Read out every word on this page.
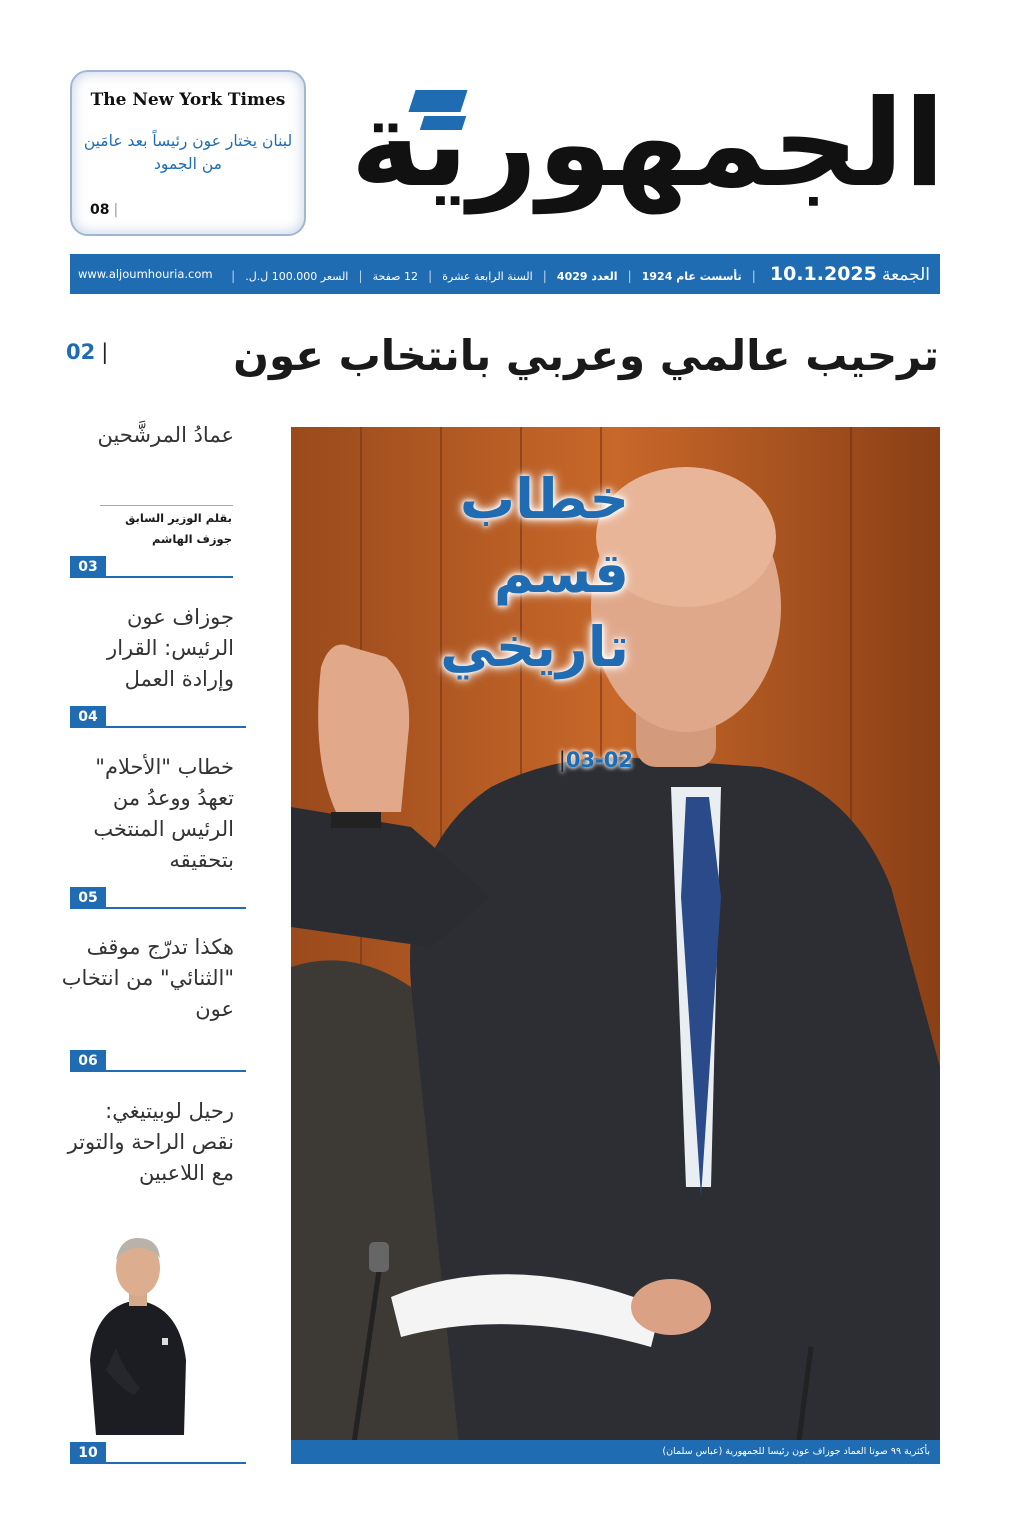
الجمهورية
The New York Times
لبنان يختار عون رئيساً بعد عامَين من الجمود
08 |
الجمعة 10.1.2025 | تأسست عام 1924 | العدد 4029 | السنة الرابعة عشرة | 12 صفحة | السعر 100.000 ل.ل. |
www.aljoumhouria.com
ترحيب عالمي وعربي بانتخاب عون
02 |
عمادُ المرشَّحين
بقلم الوزير السابق
جوزف الهاشم
03
جوزاف عون الرئيس: القرار وإرادة العمل
04
خطاب "الأحلام" تعهدُ ووعدُ من الرئيس المنتخب بتحقيقه
05
هكذا تدرّج موقف "الثنائي" من انتخاب عون
06
رحيل لوبيتيغي: نقص الراحة والتوتر مع اللاعبين
10	بأكثرية ٩٩ صوتا العماد جوزاف عون رئيسا للجمهورية (عباس سلمان)
خطاب
قسم
تاريخي
|03-02
